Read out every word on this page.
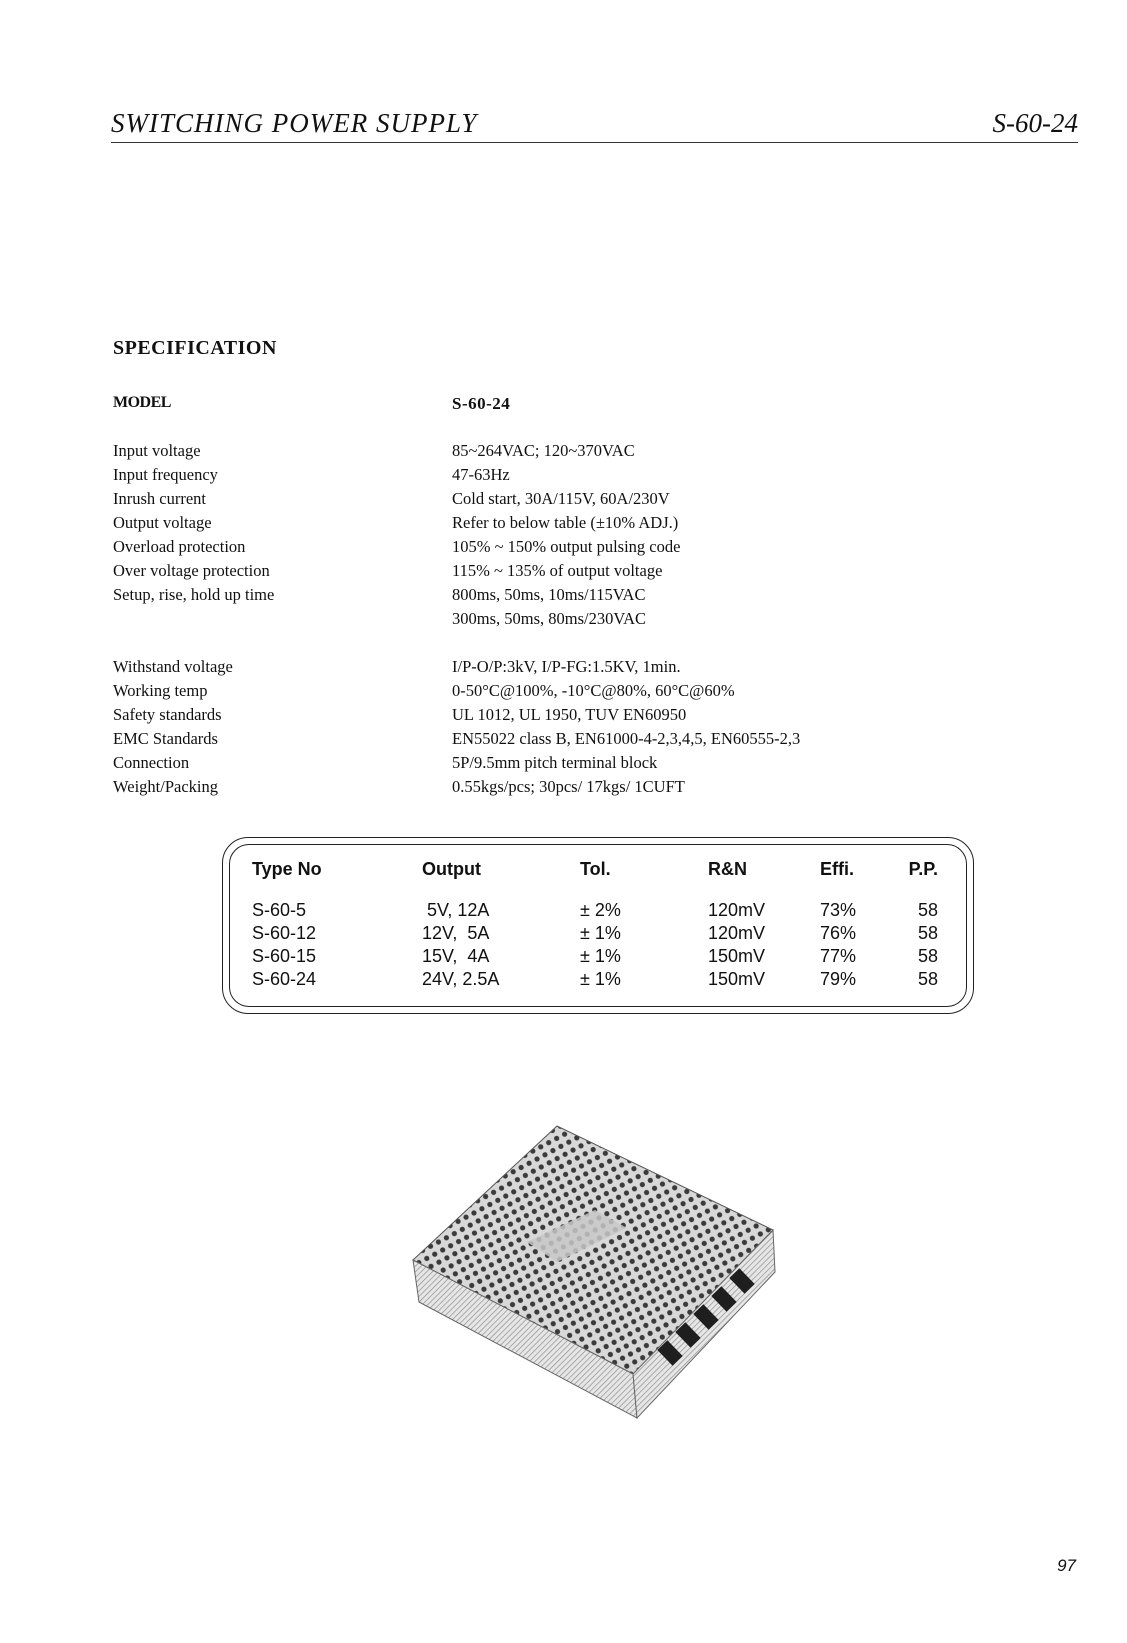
SWITCHING POWER SUPPLY	S-60-24
SPECIFICATION
MODEL	S-60-24
Input voltage	85~264VAC; 120~370VAC
Input frequency	47-63Hz
Inrush current	Cold start, 30A/115V, 60A/230V
Output voltage	Refer to below table (±10% ADJ.)
Overload protection	105% ~ 150% output pulsing code
Over voltage protection	115% ~ 135% of output voltage
Setup, rise, hold up time	800ms, 50ms, 10ms/115VAC
300ms, 50ms, 80ms/230VAC
Withstand voltage	I/P-O/P:3kV, I/P-FG:1.5KV, 1min.
Working temp	0-50°C@100%, -10°C@80%, 60°C@60%
Safety standards	UL 1012, UL 1950, TUV EN60950
EMC Standards	EN55022 class B, EN61000-4-2,3,4,5, EN60555-2,3
Connection	5P/9.5mm pitch terminal block
Weight/Packing	0.55kgs/pcs; 30pcs/ 17kgs/ 1CUFT
Type No	Output	Tol.	R&N	Effi.	P.P.
S-60-5	5V, 12A	± 2%	120mV	73%	58
S-60-12	12V,  5A	± 1%	120mV	76%	58
S-60-15	15V,  4A	± 1%	150mV	77%	58
S-60-24	24V, 2.5A	± 1%	150mV	79%	58
97
